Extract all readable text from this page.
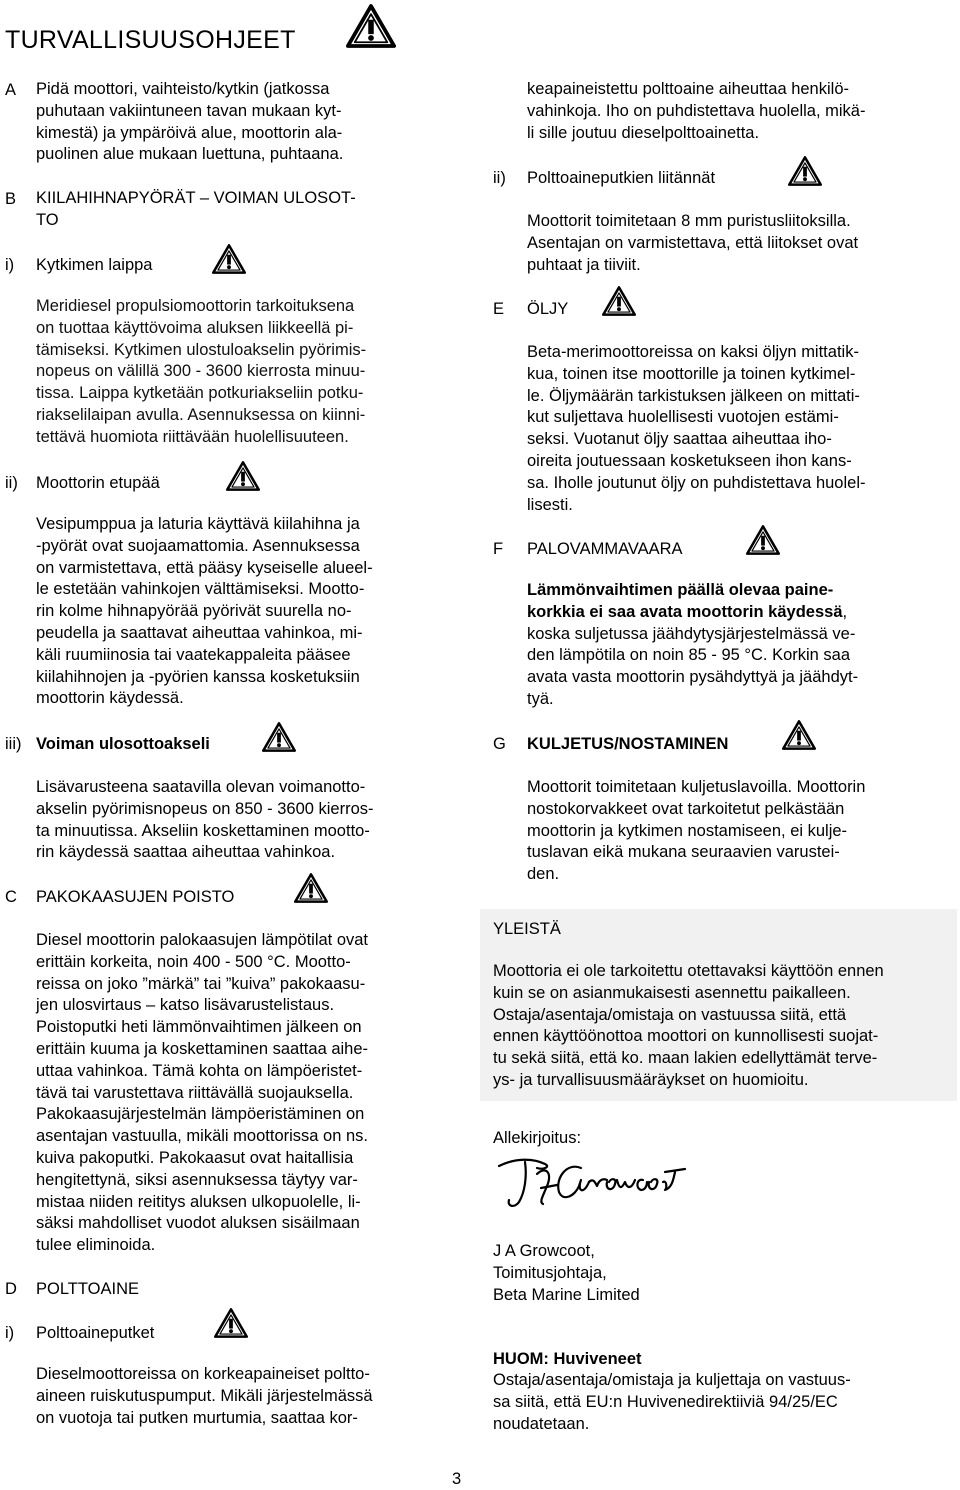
TURVALLISUUSOHJEET
A Pidä moottori, vaihteisto/kytkin (jatkossa
puhutaan vakiintuneen tavan mukaan kyt-
kimestä) ja ympäröivä alue, moottorin ala-
puolinen alue mukaan luettuna, puhtaana.
B KIILAHIHNAPYÖRÄT – VOIMAN ULOSOT-
TO
i) Kytkimen laippa
Meridiesel propulsiomoottorin tarkoituksena
on tuottaa käyttövoima aluksen liikkeellä pi-
tämiseksi. Kytkimen ulostuloakselin pyörimis-
nopeus on välillä 300 - 3600 kierrosta minuu-
tissa. Laippa kytketään potkuriakseliin potku-
riakselilaipan avulla. Asennuksessa on kiinni-
tettävä huomiota riittävään huolellisuuteen.
ii) Moottorin etupää
Vesipumppua ja laturia käyttävä kiilahihna ja
-pyörät ovat suojaamattomia. Asennuksessa
on varmistettava, että pääsy kyseiselle alueel-
le estetään vahinkojen välttämiseksi. Mootto-
rin kolme hihnapyörää pyörivät suurella no-
peudella ja saattavat aiheuttaa vahinkoa, mi-
käli ruumiinosia tai vaatekappaleita pääsee
kiilahihnojen ja -pyörien kanssa kosketuksiin
moottorin käydessä.
iii) Voiman ulosottoakseli
Lisävarusteena saatavilla olevan voimanotto-
akselin pyörimisnopeus on 850 - 3600 kierros-
ta minuutissa. Akseliin koskettaminen mootto-
rin käydessä saattaa aiheuttaa vahinkoa.
C PAKOKAASUJEN POISTO
Diesel moottorin palokaasujen lämpötilat ovat
erittäin korkeita, noin 400 - 500 °C. Mootto-
reissa on joko ”märkä” tai ”kuiva” pakokaasu-
jen ulosvirtaus – katso lisävarustelistaus.
Poistoputki heti lämmönvaihtimen jälkeen on
erittäin kuuma ja koskettaminen saattaa aihe-
uttaa vahinkoa. Tämä kohta on lämpöeristet-
tävä tai varustettava riittävällä suojauksella.
Pakokaasujärjestelmän lämpöeristäminen on
asentajan vastuulla, mikäli moottorissa on ns.
kuiva pakoputki. Pakokaasut ovat haitallisia
hengitettynä, siksi asennuksessa täytyy var-
mistaa niiden reititys aluksen ulkopuolelle, li-
säksi mahdolliset vuodot aluksen sisäilmaan
tulee eliminoida.
D POLTTOAINE
i) Polttoaineputket
Dieselmoottoreissa on korkeapaineiset poltto-
aineen ruiskutuspumput. Mikäli järjestelmässä
on vuotoja tai putken murtumia, saattaa kor-
keapaineistettu polttoaine aiheuttaa henkilö-
vahinkoja. Iho on puhdistettava huolella, mikä-
li sille joutuu dieselpolttoainetta.
ii) Polttoaineputkien liitännät
Moottorit toimitetaan 8 mm puristusliitoksilla.
Asentajan on varmistettava, että liitokset ovat
puhtaat ja tiiviit.
E ÖLJY
Beta-merimoottoreissa on kaksi öljyn mittatik-
kua, toinen itse moottorille ja toinen kytkimel-
le. Öljymäärän tarkistuksen jälkeen on mittati-
kut suljettava huolellisesti vuotojen estämi-
seksi. Vuotanut öljy saattaa aiheuttaa iho-
oireita joutuessaan kosketukseen ihon kans-
sa. Iholle joutunut öljy on puhdistettava huolel-
lisesti.
F PALOVAMMAVAARA
Lämmönvaihtimen päällä olevaa paine-
korkkia ei saa avata moottorin käydessä,
koska suljetussa jäähdytysjärjestelmässä ve-
den lämpötila on noin 85 - 95 °C. Korkin saa
avata vasta moottorin pysähdyttyä ja jäähdyt-
tyä.
G KULJETUS/NOSTAMINEN
Moottorit toimitetaan kuljetuslavoilla. Moottorin
nostokorvakkeet ovat tarkoitetut pelkästään
moottorin ja kytkimen nostamiseen, ei kulje-
tuslavan eikä mukana seuraavien varustei-
den.
YLEISTÄ
Moottoria ei ole tarkoitettu otettavaksi käyttöön ennen
kuin se on asianmukaisesti asennettu paikalleen.
Ostaja/asentaja/omistaja on vastuussa siitä, että
ennen käyttöönottoa moottori on kunnollisesti suojat-
tu sekä siitä, että ko. maan lakien edellyttämät terve-
ys- ja turvallisuusmääräykset on huomioitu.
Allekirjoitus:
J A Growcoot,
Toimitusjohtaja,
Beta Marine Limited
HUOM: Huviveneet
Ostaja/asentaja/omistaja ja kuljettaja on vastuus-
sa siitä, että EU:n Huvivenedirektiiviä 94/25/EC
noudatetaan.
3
